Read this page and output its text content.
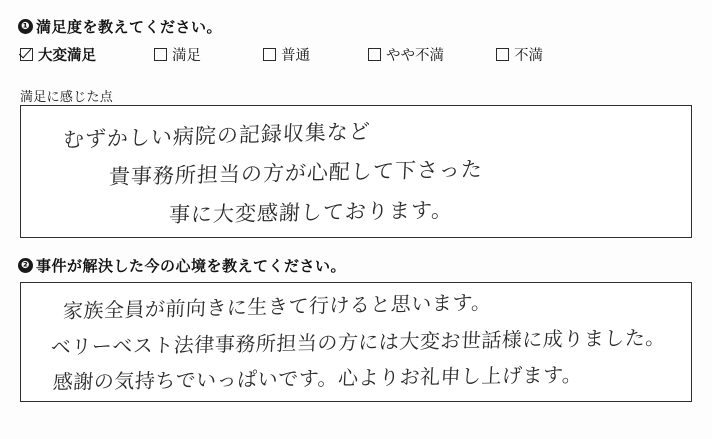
❶ 満足度を教えてください。
大変満足	満足	普通	やや不満	不満
満足に感じた点
むずかしい病院の記録収集など
貴事務所担当の方が心配して下さった
事に大変感謝しております。
❷ 事件が解決した今の心境を教えてください。
家族全員が前向きに生きて行けると思います。
ベリーベスト法律事務所担当の方には大変お世話様に成りました。
感謝の気持ちでいっぱいです。心よりお礼申し上げます。
